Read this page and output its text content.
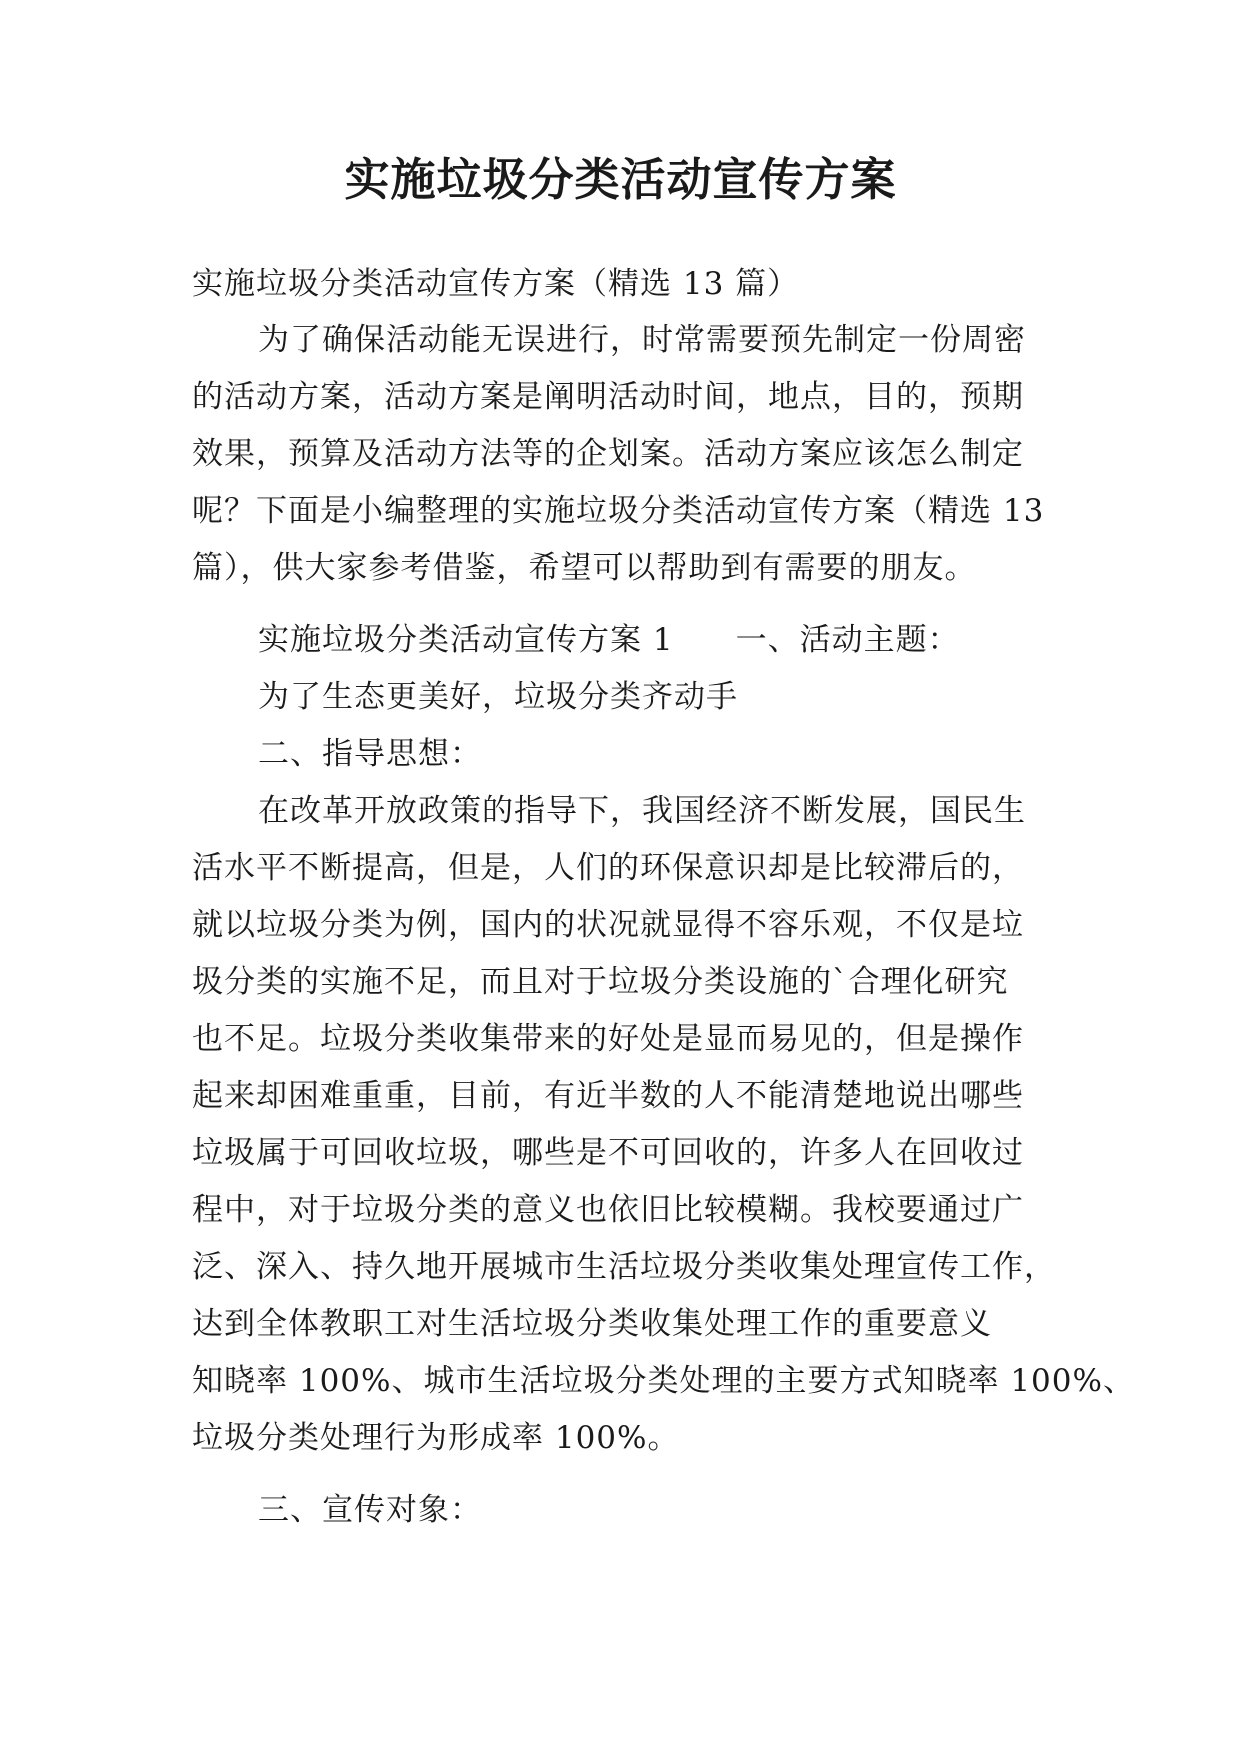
实施垃圾分类活动宣传方案

实施垃圾分类活动宣传方案（精选 13 篇）

为了确保活动能无误进行，时常需要预先制定一份周密

的活动方案，活动方案是阐明活动时间，地点，目的，预期

效果，预算及活动方法等的企划案。活动方案应该怎么制定

呢？下面是小编整理的实施垃圾分类活动宣传方案（精选 13

篇），供大家参考借鉴，希望可以帮助到有需要的朋友。

实施垃圾分类活动宣传方案 1 一、活动主题：

为了生态更美好，垃圾分类齐动手

二、指导思想：

在改革开放政策的指导下，我国经济不断发展，国民生

活水平不断提高，但是，人们的环保意识却是比较滞后的，

就以垃圾分类为例，国内的状况就显得不容乐观，不仅是垃

圾分类的实施不足，而且对于垃圾分类设施的`合理化研究

也不足。垃圾分类收集带来的好处是显而易见的，但是操作

起来却困难重重，目前，有近半数的人不能清楚地说出哪些

垃圾属于可回收垃圾，哪些是不可回收的，许多人在回收过

程中，对于垃圾分类的意义也依旧比较模糊。我校要通过广

泛、深入、持久地开展城市生活垃圾分类收集处理宣传工作，

达到全体教职工对生活垃圾分类收集处理工作的重要意义

知晓率 100%、城市生活垃圾分类处理的主要方式知晓率 100%、

垃圾分类处理行为形成率 100%。

三、宣传对象：
